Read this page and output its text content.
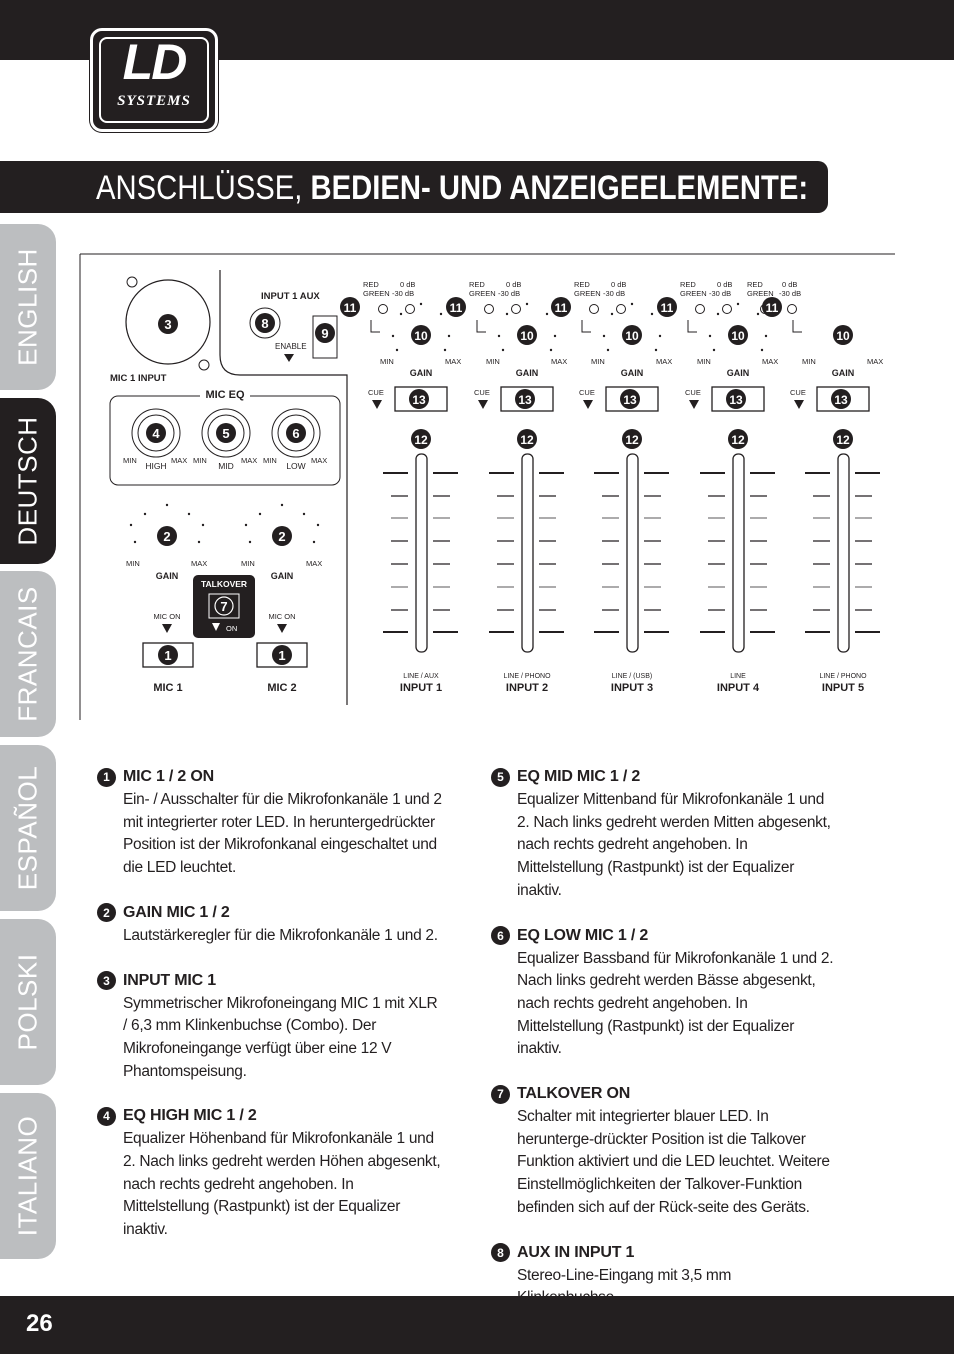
LD
SYSTEMS
ANSCHLÜSSE, BEDIEN- UND ANZEIGEELEMENTE:
ENGLISH
DEUTSCH
FRANCAIS
ESPAÑOL
POLSKI
ITALIANO
3
MIC 1 INPUT
INPUT 1 AUX
8
ENABLE
9
MIC EQ
4	5	6
MIN	MAX
HIGH
MIN	MAX
MID
MIN	MAX
LOW
2	2
MIN	MAX
GAIN
MIN	MAX
GAIN
TALKOVER
7
ON
MIC ON
1
MIC ON
1
MIC 1	MIC 2
RED	0 dB
GREEN -30 dB
11
10
MIN	MAX
GAIN
CUE
13
12
LINE / AUX
INPUT 1
RED	0 dB
GREEN -30 dB
11
10
MIN	MAX
GAIN
CUE
13
12
LINE / PHONO
INPUT 2
RED	0 dB
GREEN -30 dB
11
10
MIN	MAX
GAIN
CUE
13
12
LINE / (USB)
INPUT 3
RED	0 dB
GREEN -30 dB
11
10
MIN	MAX
GAIN
CUE
13
12
LINE
INPUT 4
RED	0 dB
GREEN -30 dB
11
10
MIN	MAX
GAIN
CUE
13
12
LINE / PHONO
INPUT 5
1 MIC 1 / 2 ON
Ein- / Ausschalter für die Mikrofonkanäle 1 und 2 mit integrierter roter LED. In heruntergedrückter Position ist der Mikrofonkanal eingeschaltet und die LED leuchtet.
2 GAIN MIC 1 / 2
Lautstärkeregler für die Mikrofonkanäle 1 und 2.
3 INPUT MIC 1
Symmetrischer Mikrofoneingang MIC 1 mit XLR / 6,3 mm Klinkenbuchse (Combo). Der Mikrofoneingange verfügt über eine 12 V Phantomspeisung.
4 EQ HIGH MIC 1 / 2
Equalizer Höhenband für Mikrofonkanäle 1 und 2. Nach links gedreht werden Höhen abgesenkt, nach rechts gedreht angehoben. In Mittelstellung (Rastpunkt) ist der Equalizer inaktiv.
5 EQ MID MIC 1 / 2
Equalizer Mittenband für Mikrofonkanäle 1 und 2. Nach links gedreht werden Mitten abgesenkt, nach rechts gedreht angehoben. In Mittelstellung (Rastpunkt) ist der Equalizer inaktiv.
6 EQ LOW MIC 1 / 2
Equalizer Bassband für Mikrofonkanäle 1 und 2. Nach links gedreht werden Bässe abgesenkt, nach rechts gedreht angehoben. In Mittelstellung (Rastpunkt) ist der Equalizer inaktiv.
7 TALKOVER ON
Schalter mit integrierter blauer LED. In herunterge-drückter Position ist die Talkover Funktion aktiviert und die LED leuchtet. Weitere Einstellmöglichkeiten der Talkover-Funktion befinden sich auf der Rück-seite des Geräts.
8 AUX IN INPUT 1
Stereo-Line-Eingang mit 3,5 mm
26
